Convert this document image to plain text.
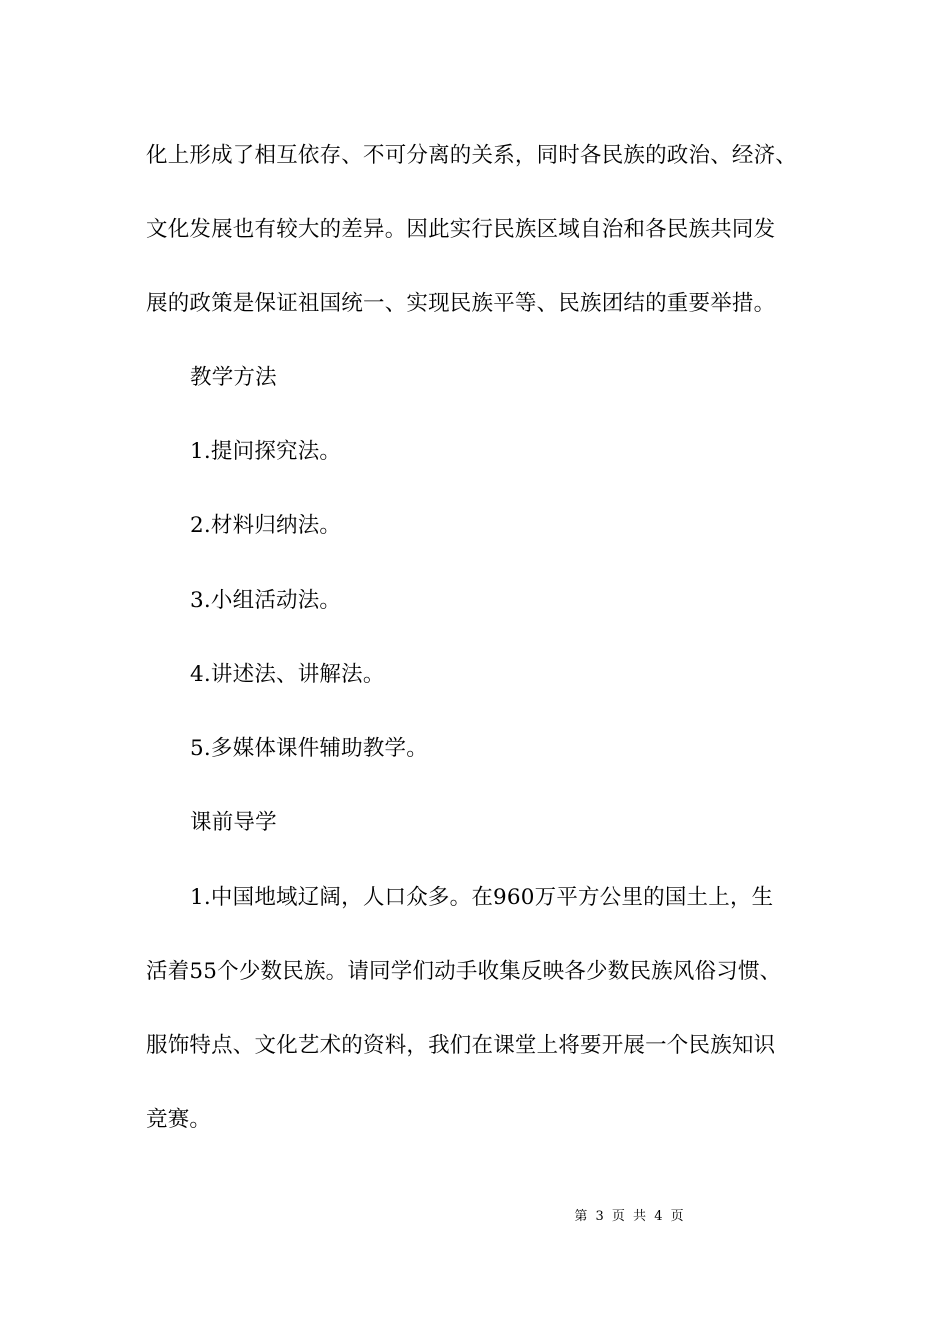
化上形成了相互依存、不可分离的关系，同时各民族的政治、经济、
文化发展也有较大的差异。因此实行民族区域自治和各民族共同发
展的政策是保证祖国统一、实现民族平等、民族团结的重要举措。
教学方法
1.提问探究法。
2.材料归纳法。
3.小组活动法。
4.讲述法、讲解法。
5.多媒体课件辅助教学。
课前导学
1.中国地域辽阔，人口众多。在960万平方公里的国土上，生
活着55个少数民族。请同学们动手收集反映各少数民族风俗习惯、
服饰特点、文化艺术的资料，我们在课堂上将要开展一个民族知识
竞赛。
第 3 页 共 4 页
